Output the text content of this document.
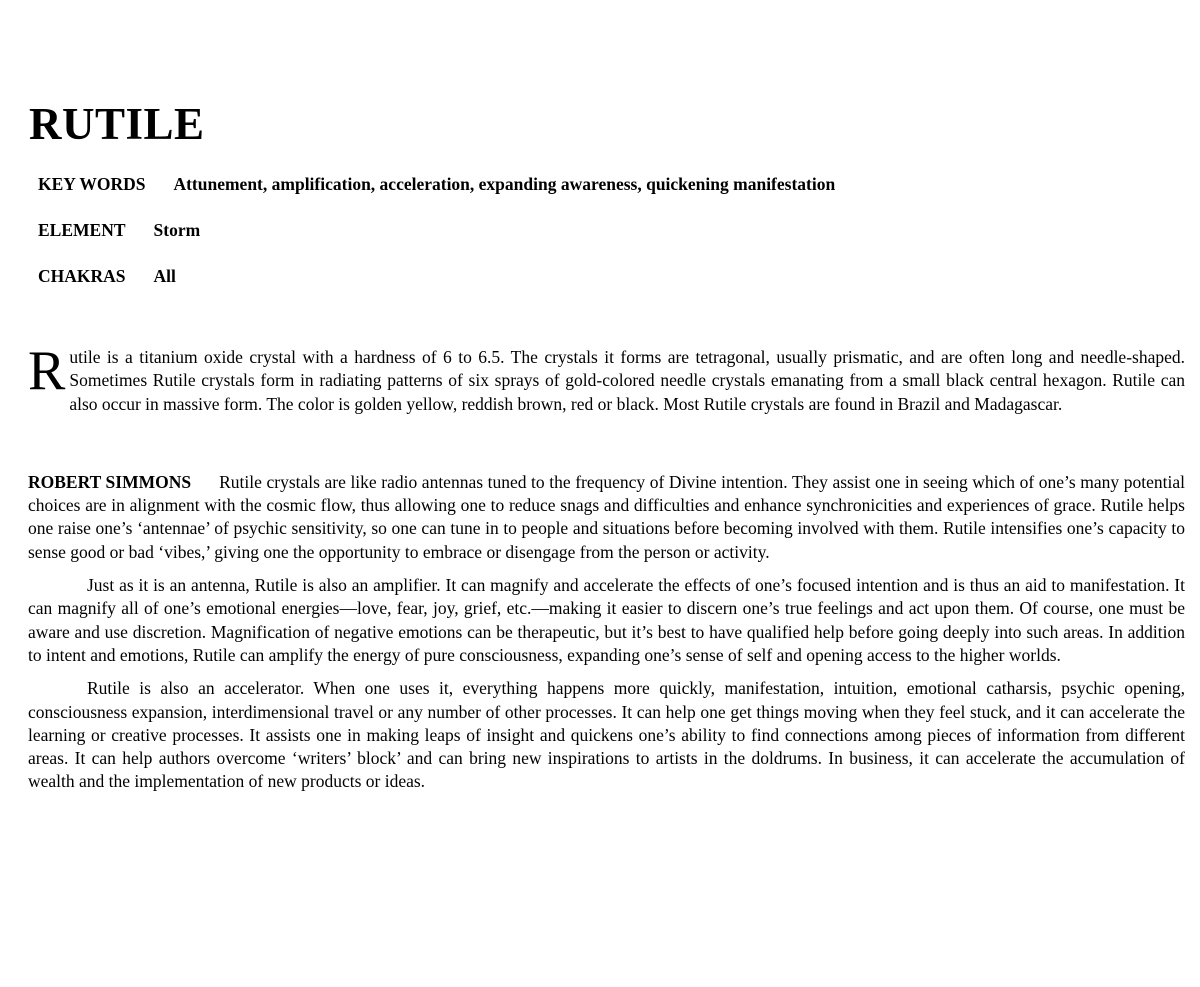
RUTILE

KEY WORDS Attunement, amplification, acceleration, expanding awareness, quickening manifestation

ELEMENT Storm

CHAKRAS All

Rutile is a titanium oxide crystal with a hardness of 6 to 6.5. The crystals it forms are tetragonal, usually prismatic, and are often long and needle-shaped. Sometimes Rutile crystals form in radiating patterns of six sprays of gold-colored needle crystals emanating from a small black central hexagon. Rutile can also occur in massive form. The color is golden yellow, reddish brown, red or black. Most Rutile crystals are found in Brazil and Madagascar.

ROBERT SIMMONS Rutile crystals are like radio antennas tuned to the frequency of Divine intention. They assist one in seeing which of one’s many potential choices are in alignment with the cosmic flow, thus allowing one to reduce snags and difficulties and enhance synchronicities and experiences of grace. Rutile helps one raise one’s ‘antennae’ of psychic sensitivity, so one can tune in to people and situations before becoming involved with them. Rutile intensifies one’s capacity to sense good or bad ‘vibes,’ giving one the opportunity to embrace or disengage from the person or activity.

Just as it is an antenna, Rutile is also an amplifier. It can magnify and accelerate the effects of one’s focused intention and is thus an aid to manifestation. It can magnify all of one’s emotional energies—love, fear, joy, grief, etc.—making it easier to discern one’s true feelings and act upon them. Of course, one must be aware and use discretion. Magnification of negative emotions can be therapeutic, but it’s best to have qualified help before going deeply into such areas. In addition to intent and emotions, Rutile can amplify the energy of pure consciousness, expanding one’s sense of self and opening access to the higher worlds.

Rutile is also an accelerator. When one uses it, everything happens more quickly, manifestation, intuition, emotional catharsis, psychic opening, consciousness expansion, interdimensional travel or any number of other processes. It can help one get things moving when they feel stuck, and it can accelerate the learning or creative processes. It assists one in making leaps of insight and quickens one’s ability to find connections among pieces of information from different areas. It can help authors overcome ‘writers’ block’ and can bring new inspirations to artists in the doldrums. In business, it can accelerate the accumulation of wealth and the implementation of new products or ideas.
